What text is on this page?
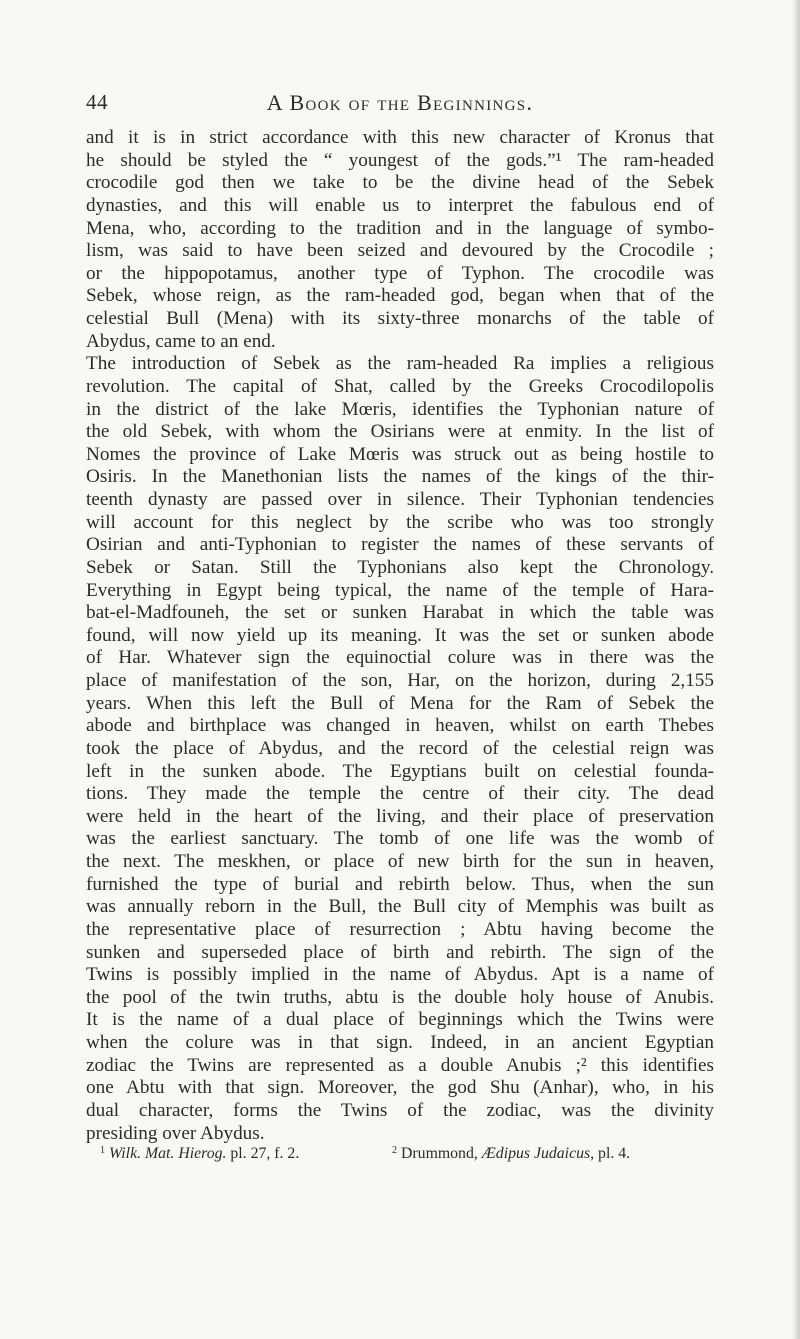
44	A Book of the Beginnings.
and it is in strict accordance with this new character of Kronus that
he should be styled the “ youngest of the gods.”¹ The ram-headed
crocodile god then we take to be the divine head of the Sebek
dynasties, and this will enable us to interpret the fabulous end of
Mena, who, according to the tradition and in the language of symbo-
lism, was said to have been seized and devoured by the Crocodile ;
or the hippopotamus, another type of Typhon. The crocodile was
Sebek, whose reign, as the ram-headed god, began when that of the
celestial Bull (Mena) with its sixty-three monarchs of the table of
Abydus, came to an end.
The introduction of Sebek as the ram-headed Ra implies a religious
revolution. The capital of Shat, called by the Greeks Crocodilopolis
in the district of the lake Mœris, identifies the Typhonian nature of
the old Sebek, with whom the Osirians were at enmity. In the list of
Nomes the province of Lake Mœris was struck out as being hostile to
Osiris. In the Manethonian lists the names of the kings of the thir-
teenth dynasty are passed over in silence. Their Typhonian tendencies
will account for this neglect by the scribe who was too strongly
Osirian and anti-Typhonian to register the names of these servants of
Sebek or Satan. Still the Typhonians also kept the Chronology.
Everything in Egypt being typical, the name of the temple of Hara-
bat-el-Madfouneh, the set or sunken Harabat in which the table was
found, will now yield up its meaning. It was the set or sunken abode
of Har. Whatever sign the equinoctial colure was in there was the
place of manifestation of the son, Har, on the horizon, during 2,155
years. When this left the Bull of Mena for the Ram of Sebek the
abode and birthplace was changed in heaven, whilst on earth Thebes
took the place of Abydus, and the record of the celestial reign was
left in the sunken abode. The Egyptians built on celestial founda-
tions. They made the temple the centre of their city. The dead
were held in the heart of the living, and their place of preservation
was the earliest sanctuary. The tomb of one life was the womb of
the next. The meskhen, or place of new birth for the sun in heaven,
furnished the type of burial and rebirth below. Thus, when the sun
was annually reborn in the Bull, the Bull city of Memphis was built as
the representative place of resurrection ; Abtu having become the
sunken and superseded place of birth and rebirth. The sign of the
Twins is possibly implied in the name of Abydus. Apt is a name of
the pool of the twin truths, abtu is the double holy house of Anubis.
It is the name of a dual place of beginnings which the Twins were
when the colure was in that sign. Indeed, in an ancient Egyptian
zodiac the Twins are represented as a double Anubis ;² this identifies
one Abtu with that sign. Moreover, the god Shu (Anhar), who, in his
dual character, forms the Twins of the zodiac, was the divinity
presiding over Abydus.
$^1$ Wilk. Mat. Hierog. pl. 27, f. 2.	$^2$ Drummond, Ædipus Judaicus, pl. 4.
